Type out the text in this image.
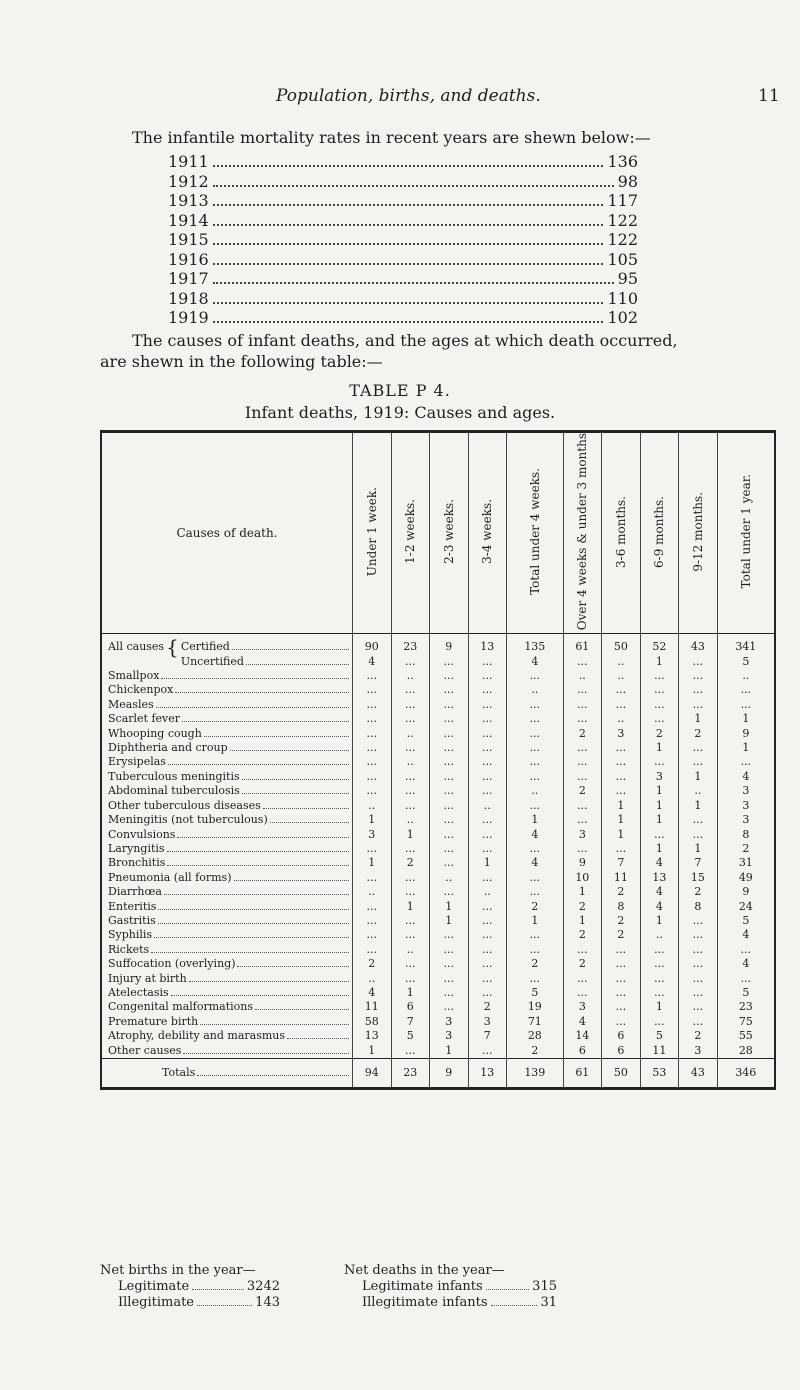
Population, births, and deaths.	11
The infantile mortality rates in recent years are shewn below:—
1911	136
1912	98
1913	117
1914	122
1915	122
1916	105
1917	95
1918	110
1919	102
The causes of infant deaths, and the ages at which death occurred,
are shewn in the following table:—
TABLE P 4.
Infant deaths, 1919: Causes and ages.
Causes of death.	Under 1 week.	1-2 weeks.	2-3 weeks.	3-4 weeks.	Total under 4 weeks.	Over 4 weeks & under 3 months	3-6 months.	6-9 months.	9-12 months.	Total under 1 year.

All causes } Certified	90	23	9	13	135	61	50	52	43	341

Uncertified	4	...	...	...	4	...	..	1	...	5

Smallpox	...	..	...	...	...	..	..	...	...	..

Chickenpox	...	...	...	...	..	...	...	...	...	...

Measles	...	...	...	...	...	...	...	...	...	...

Scarlet fever	...	...	...	...	...	...	..	...	1	1

Whooping cough	...	..	...	...	...	2	3	2	2	9

Diphtheria and croup	...	...	...	...	...	...	...	1	...	1

Erysipelas	...	..	...	...	...	...	...	...	...	...

Tuberculous meningitis	...	...	...	...	...	...	...	3	1	4

Abdominal tuberculosis	...	...	...	...	..	2	...	1	..	3

Other tuberculous diseases	..	...	...	..	...	...	1	1	1	3

Meningitis (not tuberculous)	1	..	...	...	1	...	1	1	...	3

Convulsions	3	1	...	...	4	3	1	...	...	8

Laryngitis	...	...	...	...	...	...	...	1	1	2

Bronchitis	1	2	...	1	4	9	7	4	7	31

Pneumonia (all forms)	...	...	..	...	...	10	11	13	15	49

Diarrhœa	..	...	...	..	...	1	2	4	2	9

Enteritis	...	1	1	...	2	2	8	4	8	24

Gastritis	...	...	1	...	1	1	2	1	...	5

Syphilis	...	...	...	...	...	2	2	..	...	4

Rickets	...	..	...	...	...	...	...	...	...	...

Suffocation (overlying)	2	...	...	...	2	2	...	...	...	4

Injury at birth	..	...	...	...	...	...	...	...	...	...

Atelectasis	4	1	...	...	5	...	...	...	...	5

Congenital malformations	11	6	...	2	19	3	...	1	...	23

Premature birth	58	7	3	3	71	4	...	...	...	75

Atrophy, debility and marasmus	13	5	3	7	28	14	6	5	2	55

Other causes	1	...	1	...	2	6	6	11	3	28

Totals	94	23	9	13	139	61	50	53	43	346
Net births in the year—
Legitimate	3242
Illegitimate	143
Net deaths in the year—
Legitimate infants	315
Illegitimate infants	31
